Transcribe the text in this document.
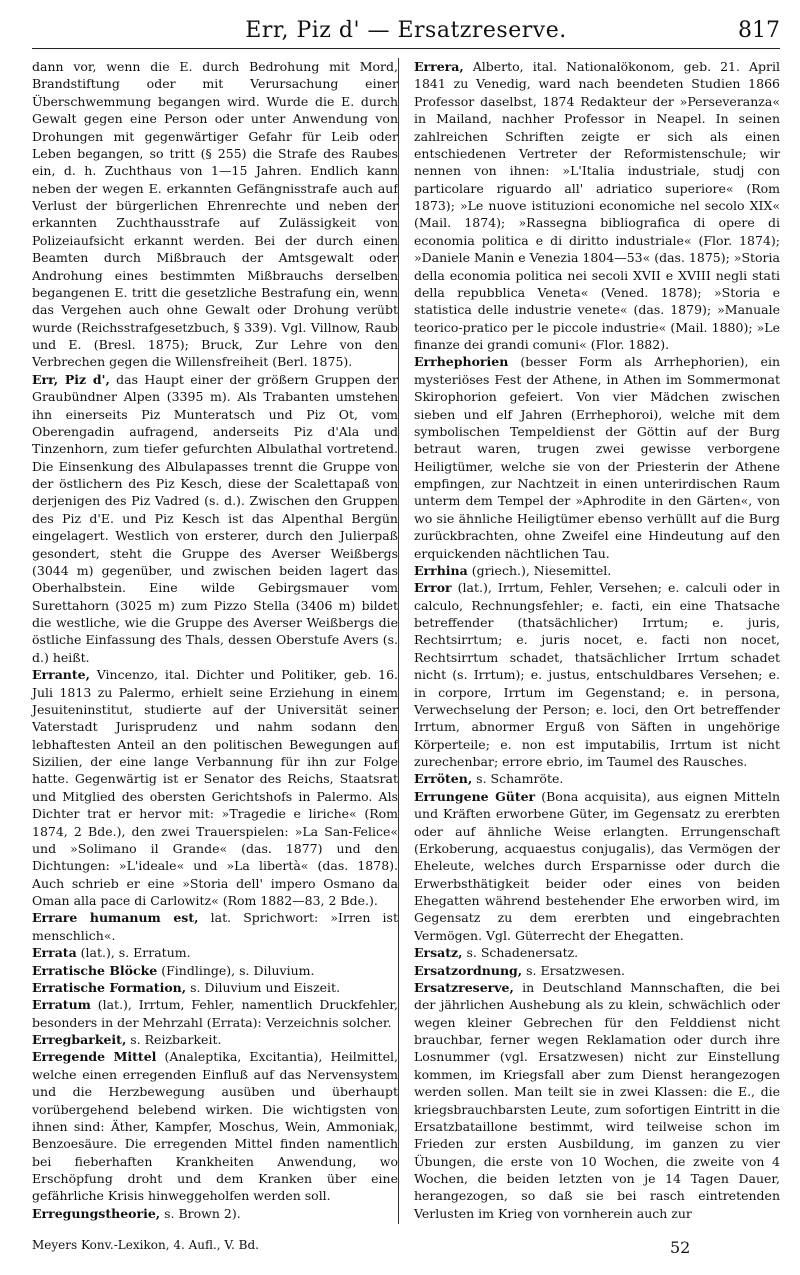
Err, Piz d' — Ersatzreserve.	817

dann vor, wenn die E. durch Bedrohung mit Mord, Brandstiftung oder mit Verursachung einer Überschwemmung begangen wird. Wurde die E. durch Gewalt gegen eine Person oder unter Anwendung von Drohungen mit gegenwärtiger Gefahr für Leib oder Leben begangen, so tritt (§ 255) die Strafe des Raubes ein, d. h. Zuchthaus von 1—15 Jahren. Endlich kann neben der wegen E. erkannten Gefängnisstrafe auch auf Verlust der bürgerlichen Ehrenrechte und neben der erkannten Zuchthausstrafe auf Zulässigkeit von Polizeiaufsicht erkannt werden. Bei der durch einen Beamten durch Mißbrauch der Amtsgewalt oder Androhung eines bestimmten Mißbrauchs derselben begangenen E. tritt die gesetzliche Bestrafung ein, wenn das Vergehen auch ohne Gewalt oder Drohung verübt wurde (Reichsstrafgesetzbuch, § 339). Vgl. Villnow, Raub und E. (Bresl. 1875); Bruck, Zur Lehre von den Verbrechen gegen die Willensfreiheit (Berl. 1875).

Err, Piz d', das Haupt einer der größern Gruppen der Graubündner Alpen (3395 m). Als Trabanten umstehen ihn einerseits Piz Munteratsch und Piz Ot, vom Oberengadin aufragend, anderseits Piz d'Ala und Tinzenhorn, zum tiefer gefurchten Albulathal vortretend. Die Einsenkung des Albulapasses trennt die Gruppe von der östlichern des Piz Kesch, diese der Scalettapaß von derjenigen des Piz Vadred (s. d.). Zwischen den Gruppen des Piz d'E. und Piz Kesch ist das Alpenthal Bergün eingelagert. Westlich von ersterer, durch den Julierpaß gesondert, steht die Gruppe des Averser Weißbergs (3044 m) gegenüber, und zwischen beiden lagert das Oberhalbstein. Eine wilde Gebirgsmauer vom Surettahorn (3025 m) zum Pizzo Stella (3406 m) bildet die westliche, wie die Gruppe des Averser Weißbergs die östliche Einfassung des Thals, dessen Oberstufe Avers (s. d.) heißt.

Errante, Vincenzo, ital. Dichter und Politiker, geb. 16. Juli 1813 zu Palermo, erhielt seine Erziehung in einem Jesuiteninstitut, studierte auf der Universität seiner Vaterstadt Jurisprudenz und nahm sodann den lebhaftesten Anteil an den politischen Bewegungen auf Sizilien, der eine lange Verbannung für ihn zur Folge hatte. Gegenwärtig ist er Senator des Reichs, Staatsrat und Mitglied des obersten Gerichtshofs in Palermo. Als Dichter trat er hervor mit: »Tragedie e liriche« (Rom 1874, 2 Bde.), den zwei Trauerspielen: »La San-Felice« und »Solimano il Grande« (das. 1877) und den Dichtungen: »L'ideale« und »La libertà« (das. 1878). Auch schrieb er eine »Storia dell' impero Osmano da Oman alla pace di Carlowitz« (Rom 1882—83, 2 Bde.).

Errare humanum est, lat. Sprichwort: »Irren ist menschlich«.

Errata (lat.), s. Erratum.

Erratische Blöcke (Findlinge), s. Diluvium.

Erratische Formation, s. Diluvium und Eiszeit.

Erratum (lat.), Irrtum, Fehler, namentlich Druckfehler, besonders in der Mehrzahl (Errata): Verzeichnis solcher.

Erregbarkeit, s. Reizbarkeit.

Erregende Mittel (Analeptika, Excitantia), Heilmittel, welche einen erregenden Einfluß auf das Nervensystem und die Herzbewegung ausüben und überhaupt vorübergehend belebend wirken. Die wichtigsten von ihnen sind: Äther, Kampfer, Moschus, Wein, Ammoniak, Benzoesäure. Die erregenden Mittel finden namentlich bei fieberhaften Krankheiten Anwendung, wo Erschöpfung droht und dem Kranken über eine gefährliche Krisis hinweggeholfen werden soll.

Erregungstheorie, s. Brown 2).

Errera, Alberto, ital. Nationalökonom, geb. 21. April 1841 zu Venedig, ward nach beendeten Studien 1866 Professor daselbst, 1874 Redakteur der »Perseveranza« in Mailand, nachher Professor in Neapel. In seinen zahlreichen Schriften zeigte er sich als einen entschiedenen Vertreter der Reformistenschule; wir nennen von ihnen: »L'Italia industriale, studj con particolare riguardo all' adriatico superiore« (Rom 1873); »Le nuove istituzioni economiche nel secolo XIX« (Mail. 1874); »Rassegna bibliografica di opere di economia politica e di diritto industriale« (Flor. 1874); »Daniele Manin e Venezia 1804—53« (das. 1875); »Storia della economia politica nei secoli XVII e XVIII negli stati della repubblica Veneta« (Vened. 1878); »Storia e statistica delle industrie venete« (das. 1879); »Manuale teorico-pratico per le piccole industrie« (Mail. 1880); »Le finanze dei grandi comuni« (Flor. 1882).

Errhephorien (besser Form als Arrhephorien), ein mysteriöses Fest der Athene, in Athen im Sommermonat Skirophorion gefeiert. Von vier Mädchen zwischen sieben und elf Jahren (Errhephoroi), welche mit dem symbolischen Tempeldienst der Göttin auf der Burg betraut waren, trugen zwei gewisse verborgene Heiligtümer, welche sie von der Priesterin der Athene empfingen, zur Nachtzeit in einen unterirdischen Raum unterm dem Tempel der »Aphrodite in den Gärten«, von wo sie ähnliche Heiligtümer ebenso verhüllt auf die Burg zurückbrachten, ohne Zweifel eine Hindeutung auf den erquickenden nächtlichen Tau.

Errhina (griech.), Niesemittel.

Error (lat.), Irrtum, Fehler, Versehen; e. calculi oder in calculo, Rechnungsfehler; e. facti, ein eine Thatsache betreffender (thatsächlicher) Irrtum; e. juris, Rechtsirrtum; e. juris nocet, e. facti non nocet, Rechtsirrtum schadet, thatsächlicher Irrtum schadet nicht (s. Irrtum); e. justus, entschuldbares Versehen; e. in corpore, Irrtum im Gegenstand; e. in persona, Verwechselung der Person; e. loci, den Ort betreffender Irrtum, abnormer Erguß von Säften in ungehörige Körperteile; e. non est imputabilis, Irrtum ist nicht zurechenbar; errore ebrio, im Taumel des Rausches.

Erröten, s. Schamröte.

Errungene Güter (Bona acquisita), aus eignen Mitteln und Kräften erworbene Güter, im Gegensatz zu ererbten oder auf ähnliche Weise erlangten. Errungenschaft (Erkoberung, acquaestus conjugalis), das Vermögen der Eheleute, welches durch Ersparnisse oder durch die Erwerbsthätigkeit beider oder eines von beiden Ehegatten während bestehender Ehe erworben wird, im Gegensatz zu dem ererbten und eingebrachten Vermögen. Vgl. Güterrecht der Ehegatten.

Ersatz, s. Schadenersatz.

Ersatzordnung, s. Ersatzwesen.

Ersatzreserve, in Deutschland Mannschaften, die bei der jährlichen Aushebung als zu klein, schwächlich oder wegen kleiner Gebrechen für den Felddienst nicht brauchbar, ferner wegen Reklamation oder durch ihre Losnummer (vgl. Ersatzwesen) nicht zur Einstellung kommen, im Kriegsfall aber zum Dienst herangezogen werden sollen. Man teilt sie in zwei Klassen: die E., die kriegsbrauchbarsten Leute, zum sofortigen Eintritt in die Ersatzbataillone bestimmt, wird teilweise schon im Frieden zur ersten Ausbildung, im ganzen zu vier Übungen, die erste von 10 Wochen, die zweite von 4 Wochen, die beiden letzten von je 14 Tagen Dauer, herangezogen, so daß sie bei rasch eintretenden Verlusten im Krieg von vornherein auch zur

Meyers Konv.-Lexikon, 4. Aufl., V. Bd.	52
